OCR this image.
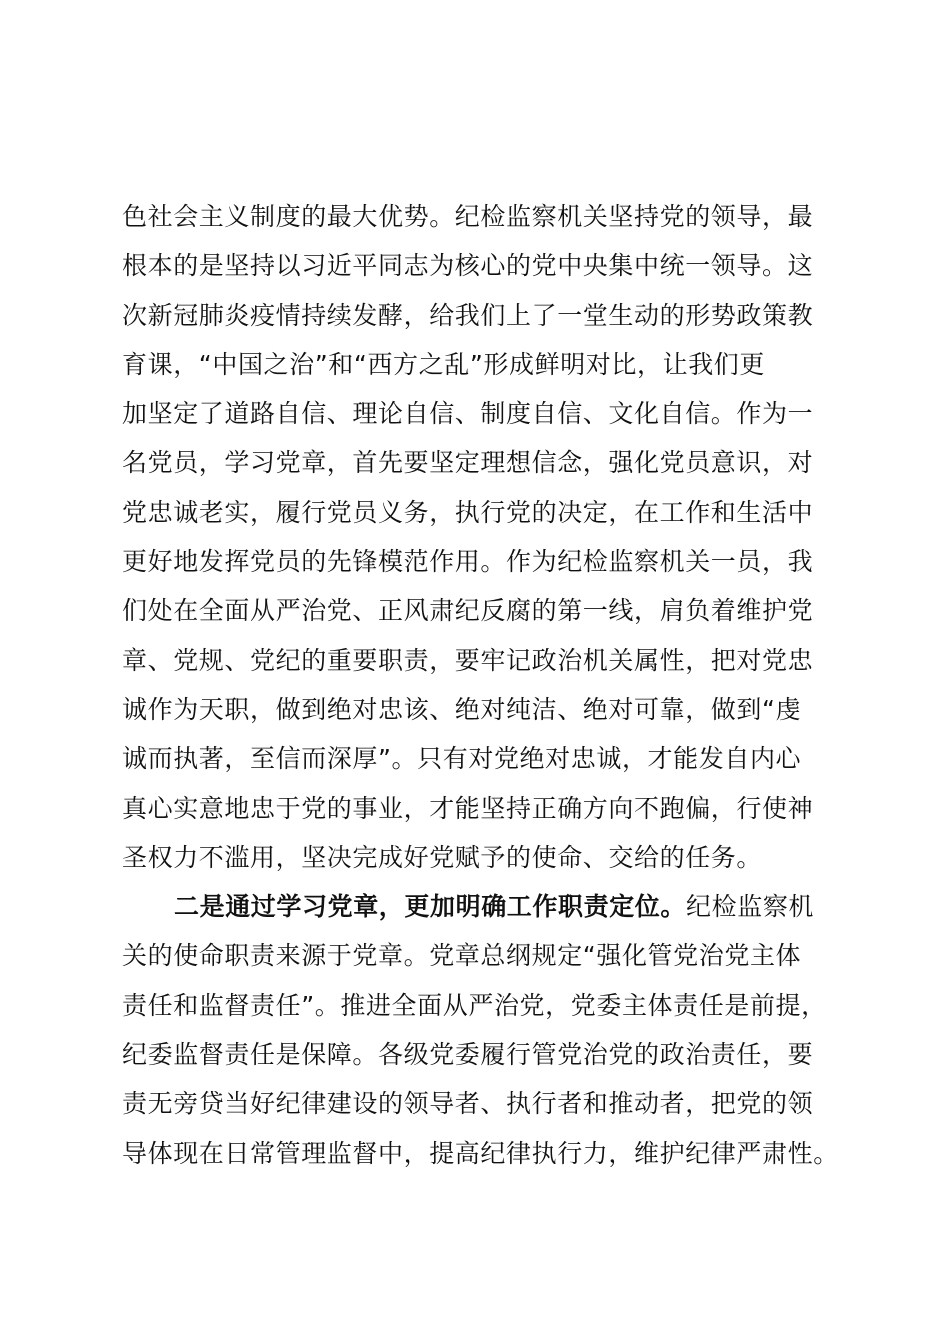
色社会主义制度的最大优势。纪检监察机关坚持党的领导，最
根本的是坚持以习近平同志为核心的党中央集中统一领导。这
次新冠肺炎疫情持续发酵，给我们上了一堂生动的形势政策教
育课，“中国之治”和“西方之乱”形成鲜明对比，让我们更
加坚定了道路自信、理论自信、制度自信、文化自信。作为一
名党员，学习党章，首先要坚定理想信念，强化党员意识，对
党忠诚老实，履行党员义务，执行党的决定，在工作和生活中
更好地发挥党员的先锋模范作用。作为纪检监察机关一员，我
们处在全面从严治党、正风肃纪反腐的第一线，肩负着维护党
章、党规、党纪的重要职责，要牢记政治机关属性，把对党忠
诚作为天职，做到绝对忠该、绝对纯洁、绝对可靠，做到“虔
诚而执著，至信而深厚”。只有对党绝对忠诚，才能发自内心
真心实意地忠于党的事业，才能坚持正确方向不跑偏，行使神
圣权力不滥用，坚决完成好党赋予的使命、交给的任务。
二是通过学习党章，更加明确工作职责定位。纪检监察机
关的使命职责来源于党章。党章总纲规定“强化管党治党主体
责任和监督责任”。推进全面从严治党，党委主体责任是前提，
纪委监督责任是保障。各级党委履行管党治党的政治责任，要
责无旁贷当好纪律建设的领导者、执行者和推动者，把党的领
导体现在日常管理监督中，提高纪律执行力，维护纪律严肃性。
